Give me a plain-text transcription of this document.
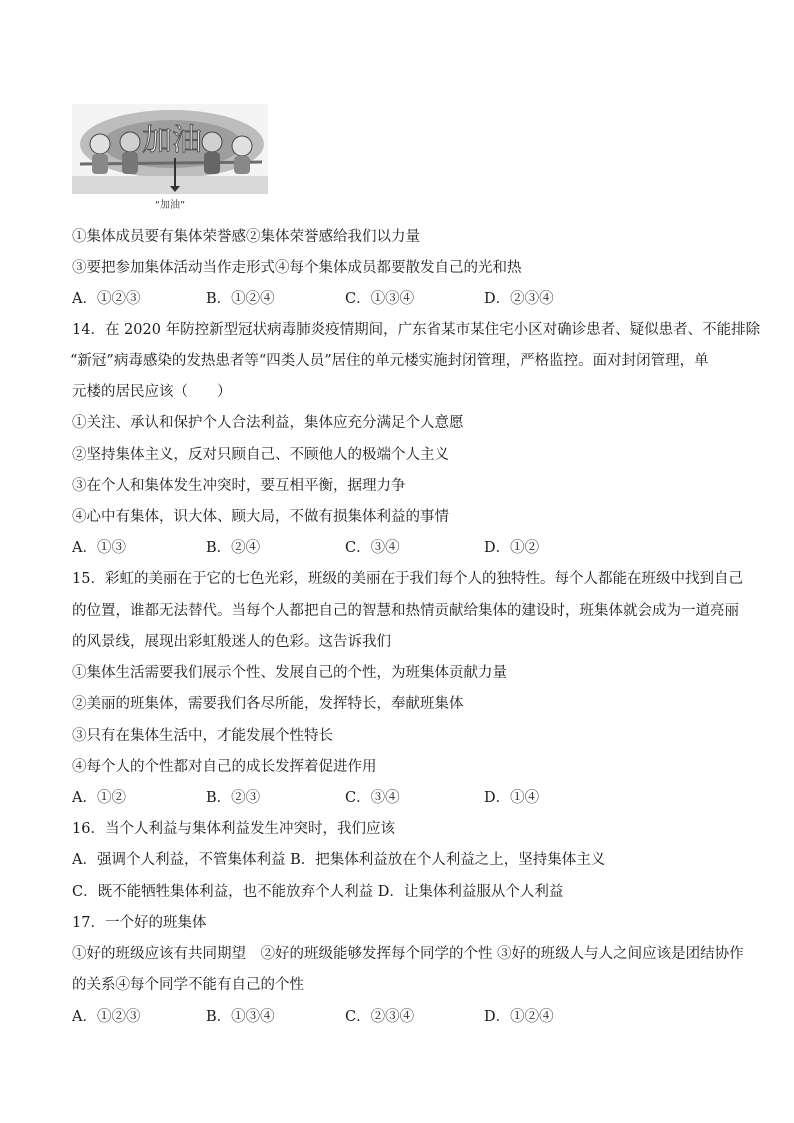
加油
“加油”
①集体成员要有集体荣誉感②集体荣誉感给我们以力量
③要把参加集体活动当作走形式④每个集体成员都要散发自己的光和热
A．①②③	B．①②④	C．①③④	D．②③④
14．在 2020 年防控新型冠状病毒肺炎疫情期间，广东省某市某住宅小区对确诊患者、疑似患者、不能排除
“新冠”病毒感染的发热患者等“四类人员”居住的单元楼实施封闭管理，严格监控。面对封闭管理，单
元楼的居民应该（　　）
①关注、承认和保护个人合法利益，集体应充分满足个人意愿
②坚持集体主义，反对只顾自己、不顾他人的极端个人主义
③在个人和集体发生冲突时，要互相平衡，据理力争
④心中有集体，识大体、顾大局，不做有损集体利益的事情
A．①③	B．②④	C．③④	D．①②
15．彩虹的美丽在于它的七色光彩，班级的美丽在于我们每个人的独特性。每个人都能在班级中找到自己
的位置，谁都无法替代。当每个人都把自己的智慧和热情贡献给集体的建设时，班集体就会成为一道亮丽
的风景线，展现出彩虹般迷人的色彩。这告诉我们
①集体生活需要我们展示个性、发展自己的个性，为班集体贡献力量
②美丽的班集体，需要我们各尽所能，发挥特长，奉献班集体
③只有在集体生活中，才能发展个性特长
④每个人的个性都对自己的成长发挥着促进作用
A．①②	B．②③	C．③④	D．①④
16．当个人利益与集体利益发生冲突时，我们应该
A．强调个人利益，不管集体利益 B．把集体利益放在个人利益之上，坚持集体主义
C．既不能牺牲集体利益，也不能放弃个人利益 D．让集体利益服从个人利益
17．一个好的班集体
①好的班级应该有共同期望　②好的班级能够发挥每个同学的个性 ③好的班级人与人之间应该是团结协作
的关系④每个同学不能有自己的个性
A．①②③	B．①③④	C．②③④	D．①②④
